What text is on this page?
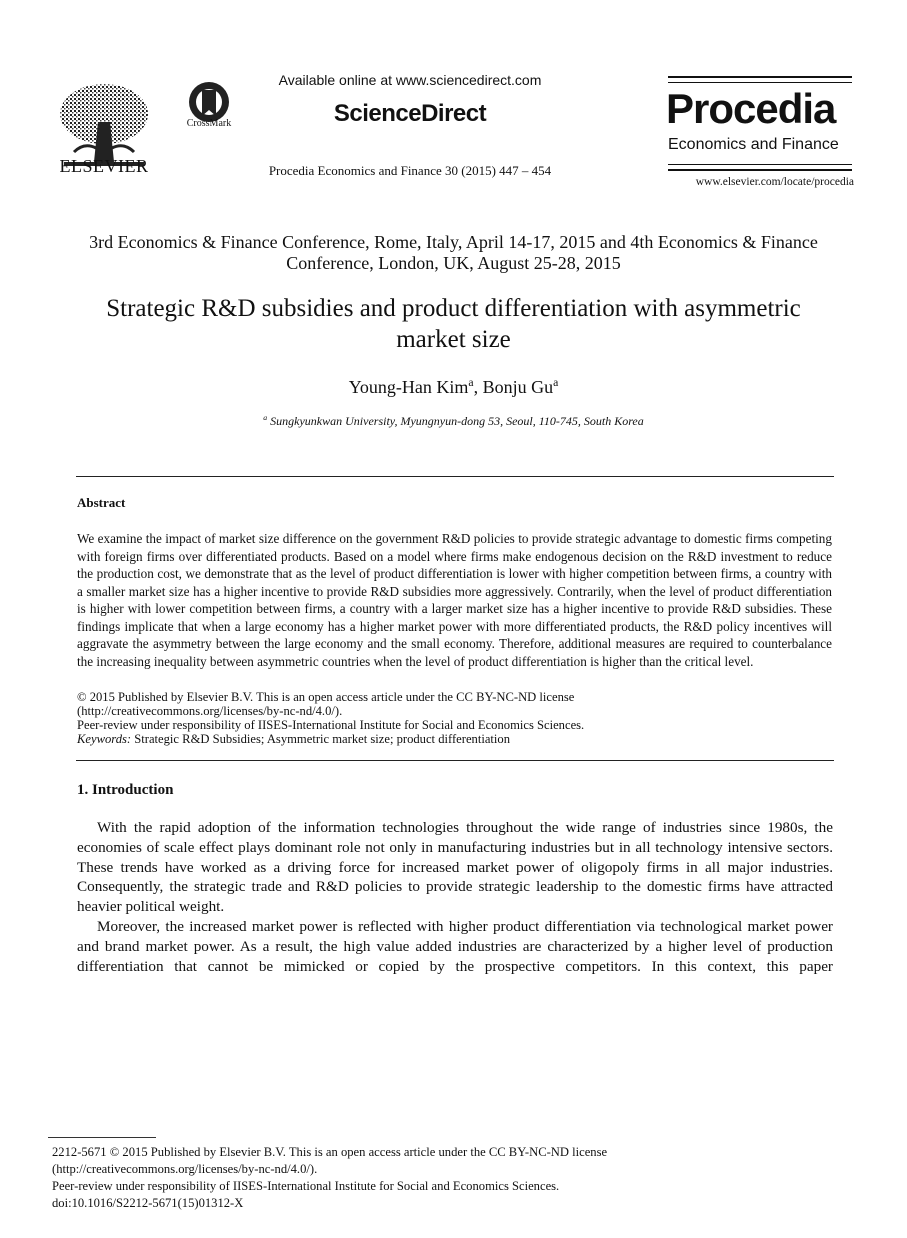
ELSEVIER
CrossMark
Available online at www.sciencedirect.com
ScienceDirect
Procedia Economics and Finance 30 (2015) 447 – 454
Procedia
Economics and Finance
www.elsevier.com/locate/procedia
3rd Economics & Finance Conference, Rome, Italy, April 14-17, 2015 and 4th Economics & Finance Conference, London, UK, August 25-28, 2015
Strategic R&D subsidies and product differentiation with asymmetric market size
Young-Han Kim$^a$, Bonju Gu$^a$
$^a$ Sungkyunkwan University, Myungnyun-dong 53, Seoul, 110-745, South Korea
Abstract
We examine the impact of market size difference on the government R&D policies to provide strategic advantage to domestic firms competing with foreign firms over differentiated products. Based on a model where firms make endogenous decision on the R&D investment to reduce the production cost, we demonstrate that as the level of product differentiation is lower with higher competition between firms, a country with a smaller market size has a higher incentive to provide R&D subsidies more aggressively. Contrarily, when the level of product differentiation is higher with lower competition between firms, a country with a larger market size has a higher incentive to provide R&D subsidies. These findings implicate that when a large economy has a higher market power with more differentiated products, the R&D policy incentives will aggravate the asymmetry between the large economy and the small economy. Therefore, additional measures are required to counterbalance the increasing inequality between asymmetric countries when the level of product differentiation is higher than the critical level.
© 2015 Published by Elsevier B.V. This is an open access article under the CC BY-NC-ND license
(http://creativecommons.org/licenses/by-nc-nd/4.0/).
Peer-review under responsibility of IISES-International Institute for Social and Economics Sciences.
Keywords: Strategic R&D Subsidies; Asymmetric market size; product differentiation
1. Introduction

With the rapid adoption of the information technologies throughout the wide range of industries since 1980s, the economies of scale effect plays dominant role not only in manufacturing industries but in all technology intensive sectors. These trends have worked as a driving force for increased market power of oligopoly firms in all major industries. Consequently, the strategic trade and R&D policies to provide strategic leadership to the domestic firms have attracted heavier political weight.

Moreover, the increased market power is reflected with higher product differentiation via technological market power and brand market power. As a result, the high value added industries are characterized by a higher level of production differentiation that cannot be mimicked or copied by the prospective competitors. In this context, this paper

2212-5671 © 2015 Published by Elsevier B.V. This is an open access article under the CC BY-NC-ND license
(http://creativecommons.org/licenses/by-nc-nd/4.0/).
Peer-review under responsibility of IISES-International Institute for Social and Economics Sciences.
doi:10.1016/S2212-5671(15)01312-X
